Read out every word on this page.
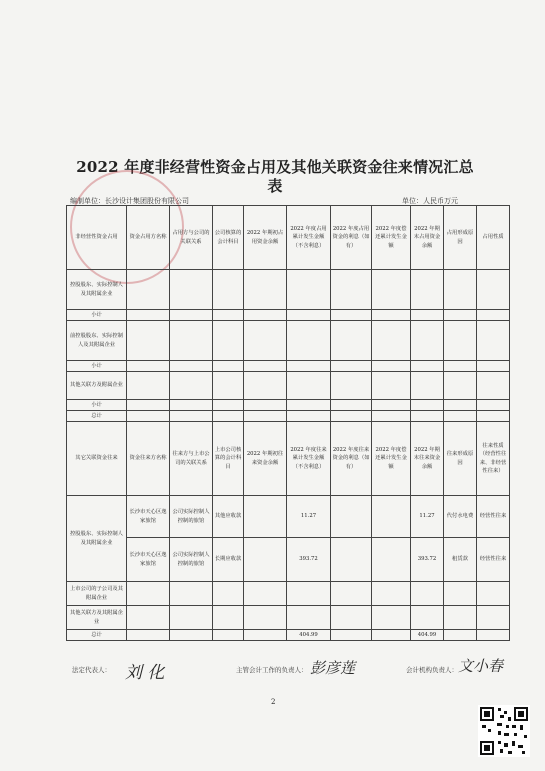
2022 年度非经营性资金占用及其他关联资金往来情况汇总表
编制单位：长沙设计集团股份有限公司	单位：人民币万元
非经营性资金占用	资金占用方名称	占用方与公司的关联关系	公司核算的会计科目	2022 年期初占用资金余额	2022 年度占用累计发生金额（不含利息）	2022 年度占用资金的利息（如有）	2022 年度偿还累计发生金额	2022 年期末占用资金余额	占用形成原因	占用性质
控股股东、实际控制人及其附属企业										
小计										
前控股股东、实际控制人及其附属企业										
小计										
其他关联方及附属企业										
小计										
总计										
其它关联资金往来	资金往来方名称	往来方与上市公司的关联关系	上市公司核算的会计科目	2022 年期初往来资金余额	2022 年度往来累计发生金额（不含利息）	2022 年度往来资金的利息（如有）	2022 年度偿还累计发生金额	2022 年期末往来资金余额	往来形成原因	往来性质（经营性往来、非经营性往来）
控股股东、实际控制人及其附属企业	长沙市天心区逸家旅馆	公司实际控制人控制的旅馆	其他应收款		11.27			11.27	代付水电费	经营性往来
	长沙市天心区逸家旅馆	公司实际控制人控制的旅馆	长期应收款		393.72			393.72	租赁款	经营性往来
上市公司的子公司及其附属企业										
其他关联方及其附属企业										
总计					404.99			404.99		
法定代表人： 刘 化	主管会计工作的负责人： 彭彦莲	会计机构负责人： 文小春
2
